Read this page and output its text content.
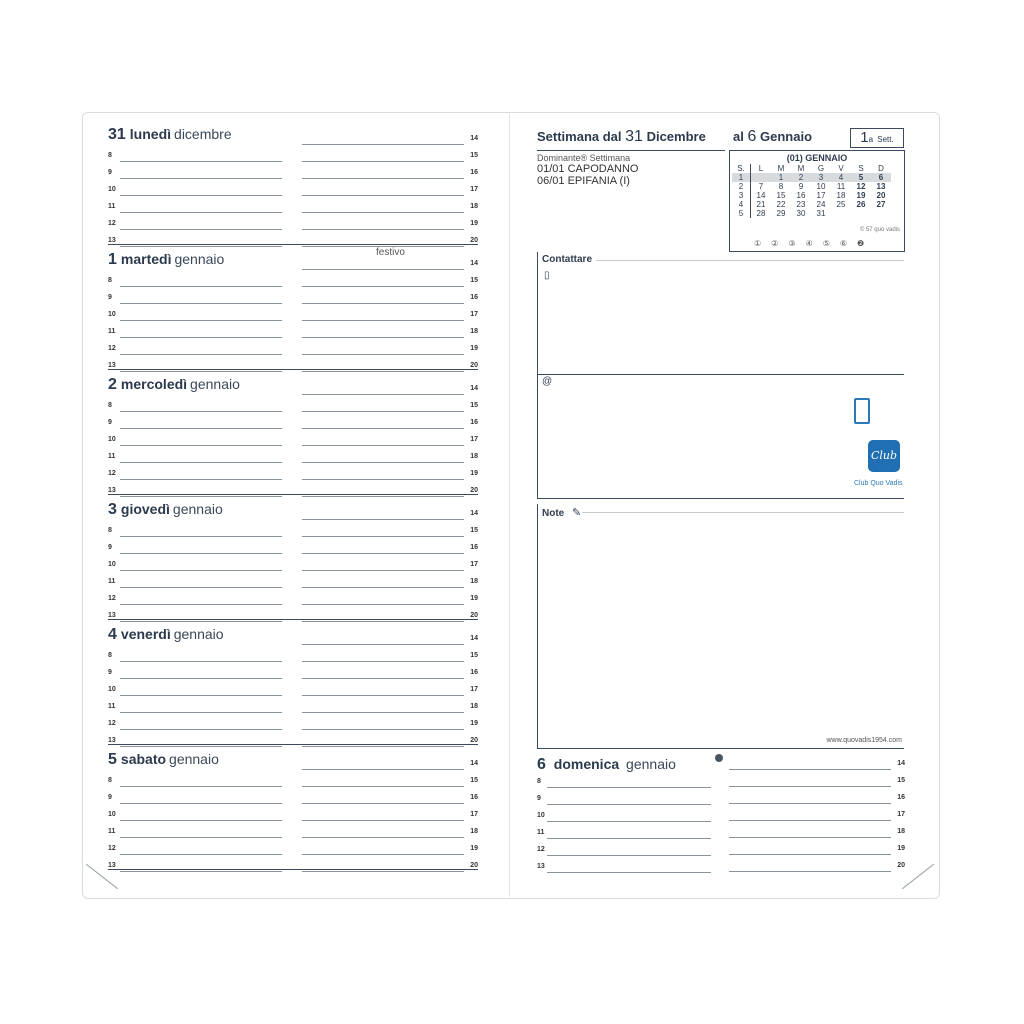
31 lunedì dicembre
8
9
10
11
12
13
14
15
16
17
18
19
20
1 martedì gennaio	festivo
8
9
10
11
12
13
14
15
16
17
18
19
20
2 mercoledì gennaio
8
9
10
11
12
13
14
15
16
17
18
19
20
3 giovedì gennaio
8
9
10
11
12
13
14
15
16
17
18
19
20
4 venerdì gennaio
8
9
10
11
12
13
14
15
16
17
18
19
20
5 sabato gennaio
8
9
10
11
12
13
14
15
16
17
18
19
20
Settimana dal 31 Dicembre al 6 Gennaio	1a Sett.
Dominante® Settimana
01/01 CAPODANNO
06/01 EPIFANIA (I)
(01) GENNAIO
S.	L	M	M	G	V	S	D
1		1	2	3	4	5	6
2	7	8	9	10	11	12	13
3	14	15	16	17	18	19	20
4	21	22	23	24	25	26	27
5	28	29	30	31			
© 57 quo vadis
①②③④⑤⑥❷
Contattare
▯
@
Club
Club Quo Vadis
Note ✎
www.quovadis1954.com
6 domenica gennaio
8
9
10
11
12
13
14
15
16
17
18
19
20
